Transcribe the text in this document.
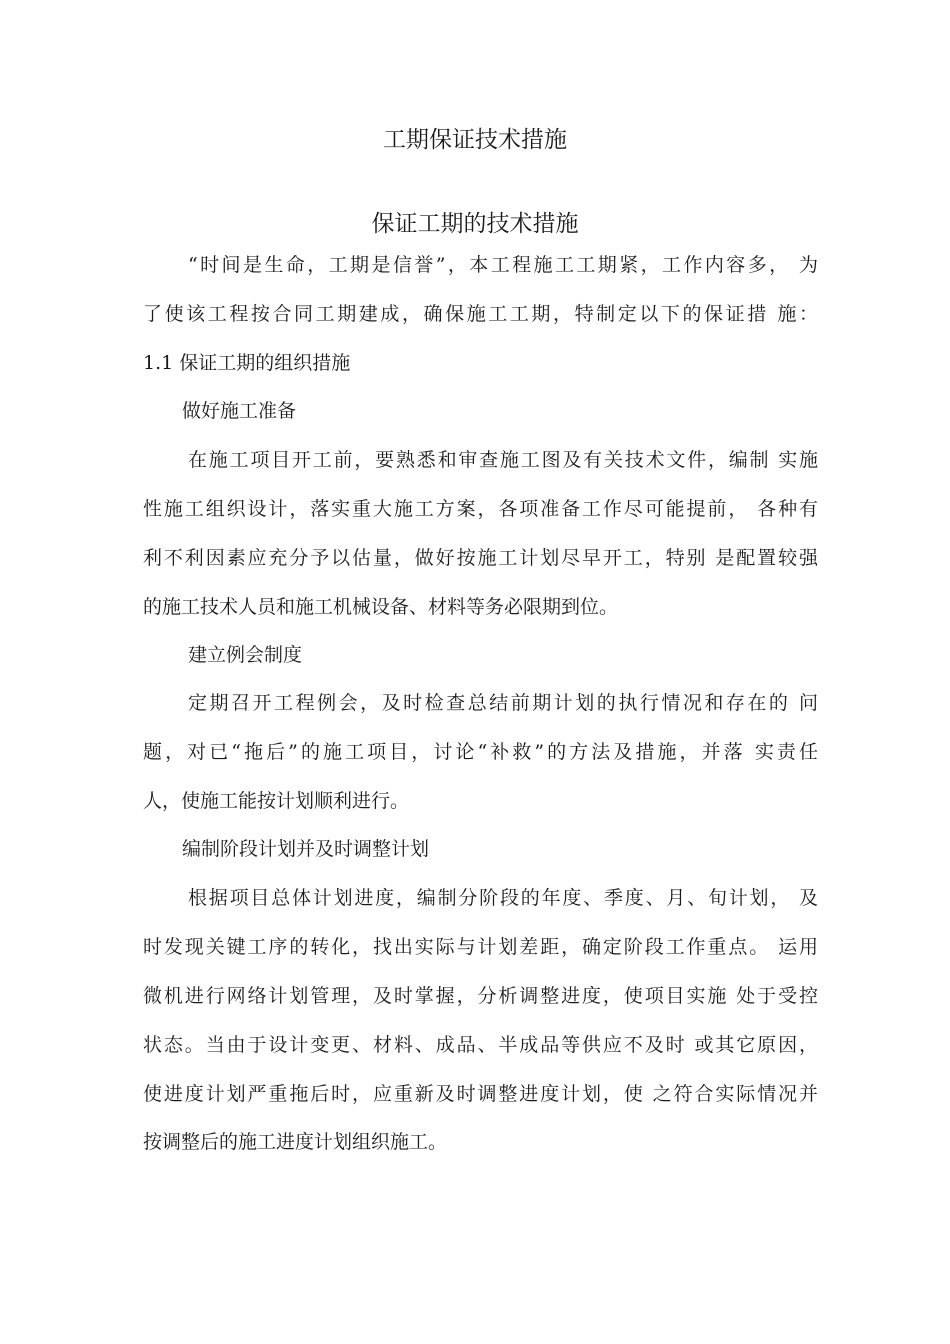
工期保证技术措施
保证工期的技术措施
“时间是生命，工期是信誉”，本工程施工工期紧，工作内容多， 为
了使该工程按合同工期建成，确保施工工期，特制定以下的保证措 施：
1.1 保证工期的组织措施
做好施工准备
在施工项目开工前，要熟悉和审查施工图及有关技术文件，编制 实施
性施工组织设计，落实重大施工方案，各项准备工作尽可能提前， 各种有
利不利因素应充分予以估量，做好按施工计划尽早开工，特别 是配置较强
的施工技术人员和施工机械设备、材料等务必限期到位。
建立例会制度
定期召开工程例会，及时检查总结前期计划的执行情况和存在的 问
题，对已“拖后”的施工项目，讨论“补救”的方法及措施，并落 实责任
人，使施工能按计划顺利进行。
编制阶段计划并及时调整计划
根据项目总体计划进度，编制分阶段的年度、季度、月、旬计划， 及
时发现关键工序的转化，找出实际与计划差距，确定阶段工作重点。 运用
微机进行网络计划管理，及时掌握，分析调整进度，使项目实施 处于受控
状态。当由于设计变更、材料、成品、半成品等供应不及时 或其它原因，
使进度计划严重拖后时，应重新及时调整进度计划，使 之符合实际情况并
按调整后的施工进度计划组织施工。
